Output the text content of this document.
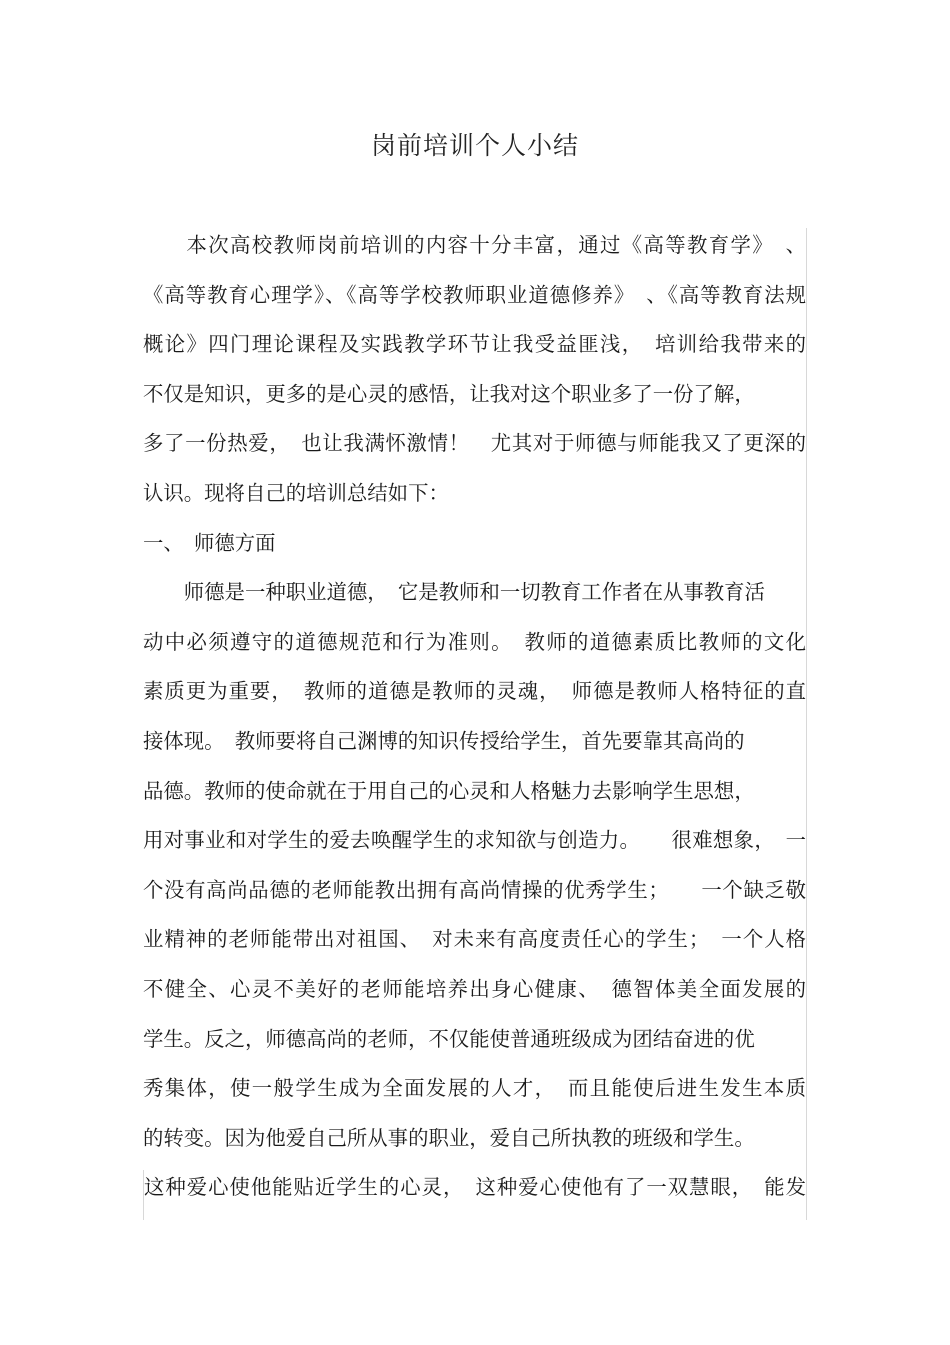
岗前培训个人小结
　　本次高校教师岗前培训的内容十分丰富，通过《高等教育学》　、
《高等教育心理学》、《高等学校教师职业道德修养》　、《高等教育法规
概论》四门理论课程及实践教学环节让我受益匪浅，　培训给我带来的
不仅是知识，更多的是心灵的感悟，让我对这个职业多了一份了解，
多了一份热爱，　也让我满怀激情！　尤其对于师德与师能我又了更深的
认识。现将自己的培训总结如下：
一、　师德方面
　　师德是一种职业道德，　它是教师和一切教育工作者在从事教育活
动中必须遵守的道德规范和行为准则。　教师的道德素质比教师的文化
素质更为重要，　教师的道德是教师的灵魂，　师德是教师人格特征的直
接体现。　教师要将自己渊博的知识传授给学生，首先要靠其高尚的
品德。教师的使命就在于用自己的心灵和人格魅力去影响学生思想，
用对事业和对学生的爱去唤醒学生的求知欲与创造力。　　很难想象，　一
个没有高尚品德的老师能教出拥有高尚情操的优秀学生；　　一个缺乏敬
业精神的老师能带出对祖国、　对未来有高度责任心的学生；　一个人格
不健全、心灵不美好的老师能培养出身心健康、　德智体美全面发展的
学生。反之，师德高尚的老师，不仅能使普通班级成为团结奋进的优
秀集体，使一般学生成为全面发展的人才，　而且能使后进生发生本质
的转变。因为他爱自己所从事的职业，爱自己所执教的班级和学生。
这种爱心使他能贴近学生的心灵，　这种爱心使他有了一双慧眼，　能发
